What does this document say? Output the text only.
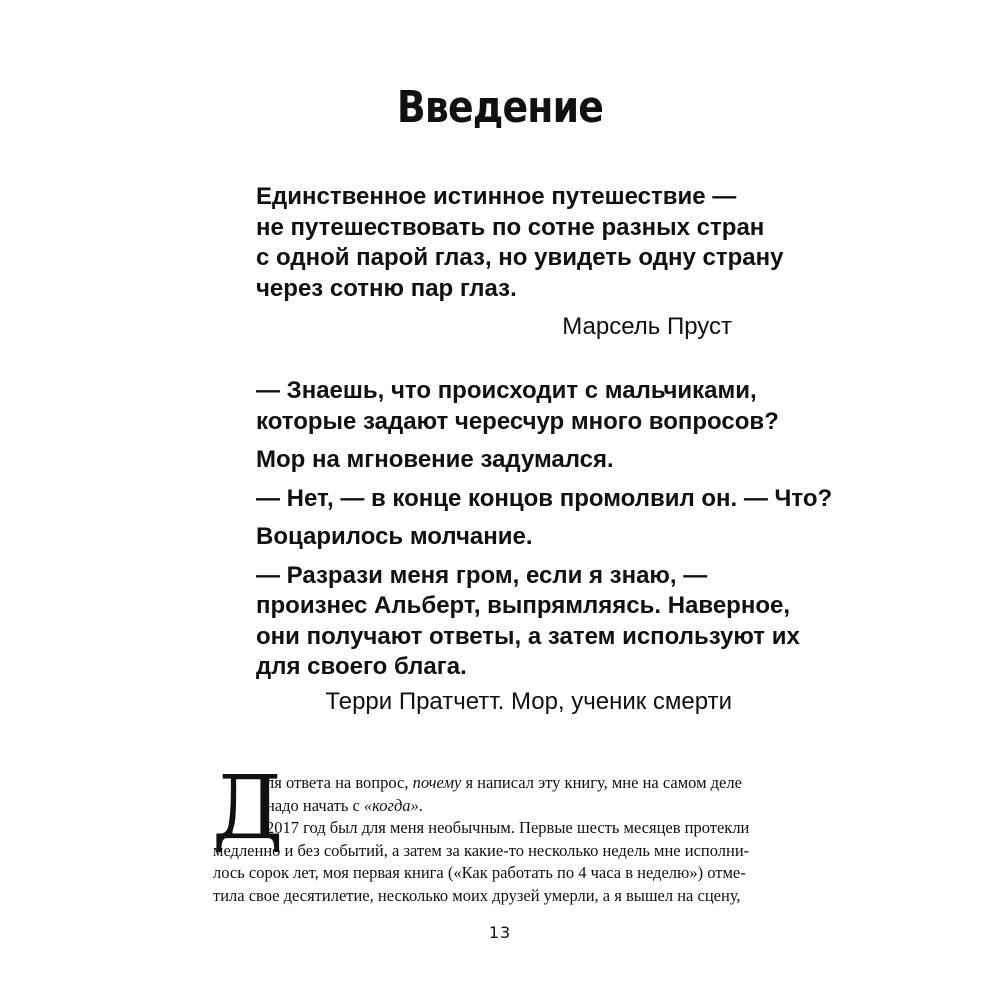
Введение
Единственное истинное путешествие —
не путешествовать по сотне разных стран
с одной парой глаз, но увидеть одну страну
через сотню пар глаз.
Марсель Пруст
— Знаешь, что происходит с мальчиками,
которые задают чересчур много вопросов?
Мор на мгновение задумался.
— Нет, — в конце концов промолвил он. — Что?
Воцарилось молчание.
— Разрази меня гром, если я знаю, —
произнес Альберт, выпрямляясь. Наверное,
они получают ответы, а затем используют их
для своего блага.
Терри Пратчетт. Мор, ученик смерти
Д
ля ответа на вопрос, почему я написал эту книгу, мне на самом деле
надо начать с «когда».
2017 год был для меня необычным. Первые шесть месяцев протекли
медленно и без событий, а затем за какие-то несколько недель мне исполни-
лось сорок лет, моя первая книга («Как работать по 4 часа в неделю») отме-
тила свое десятилетие, несколько моих друзей умерли, а я вышел на сцену,
13
